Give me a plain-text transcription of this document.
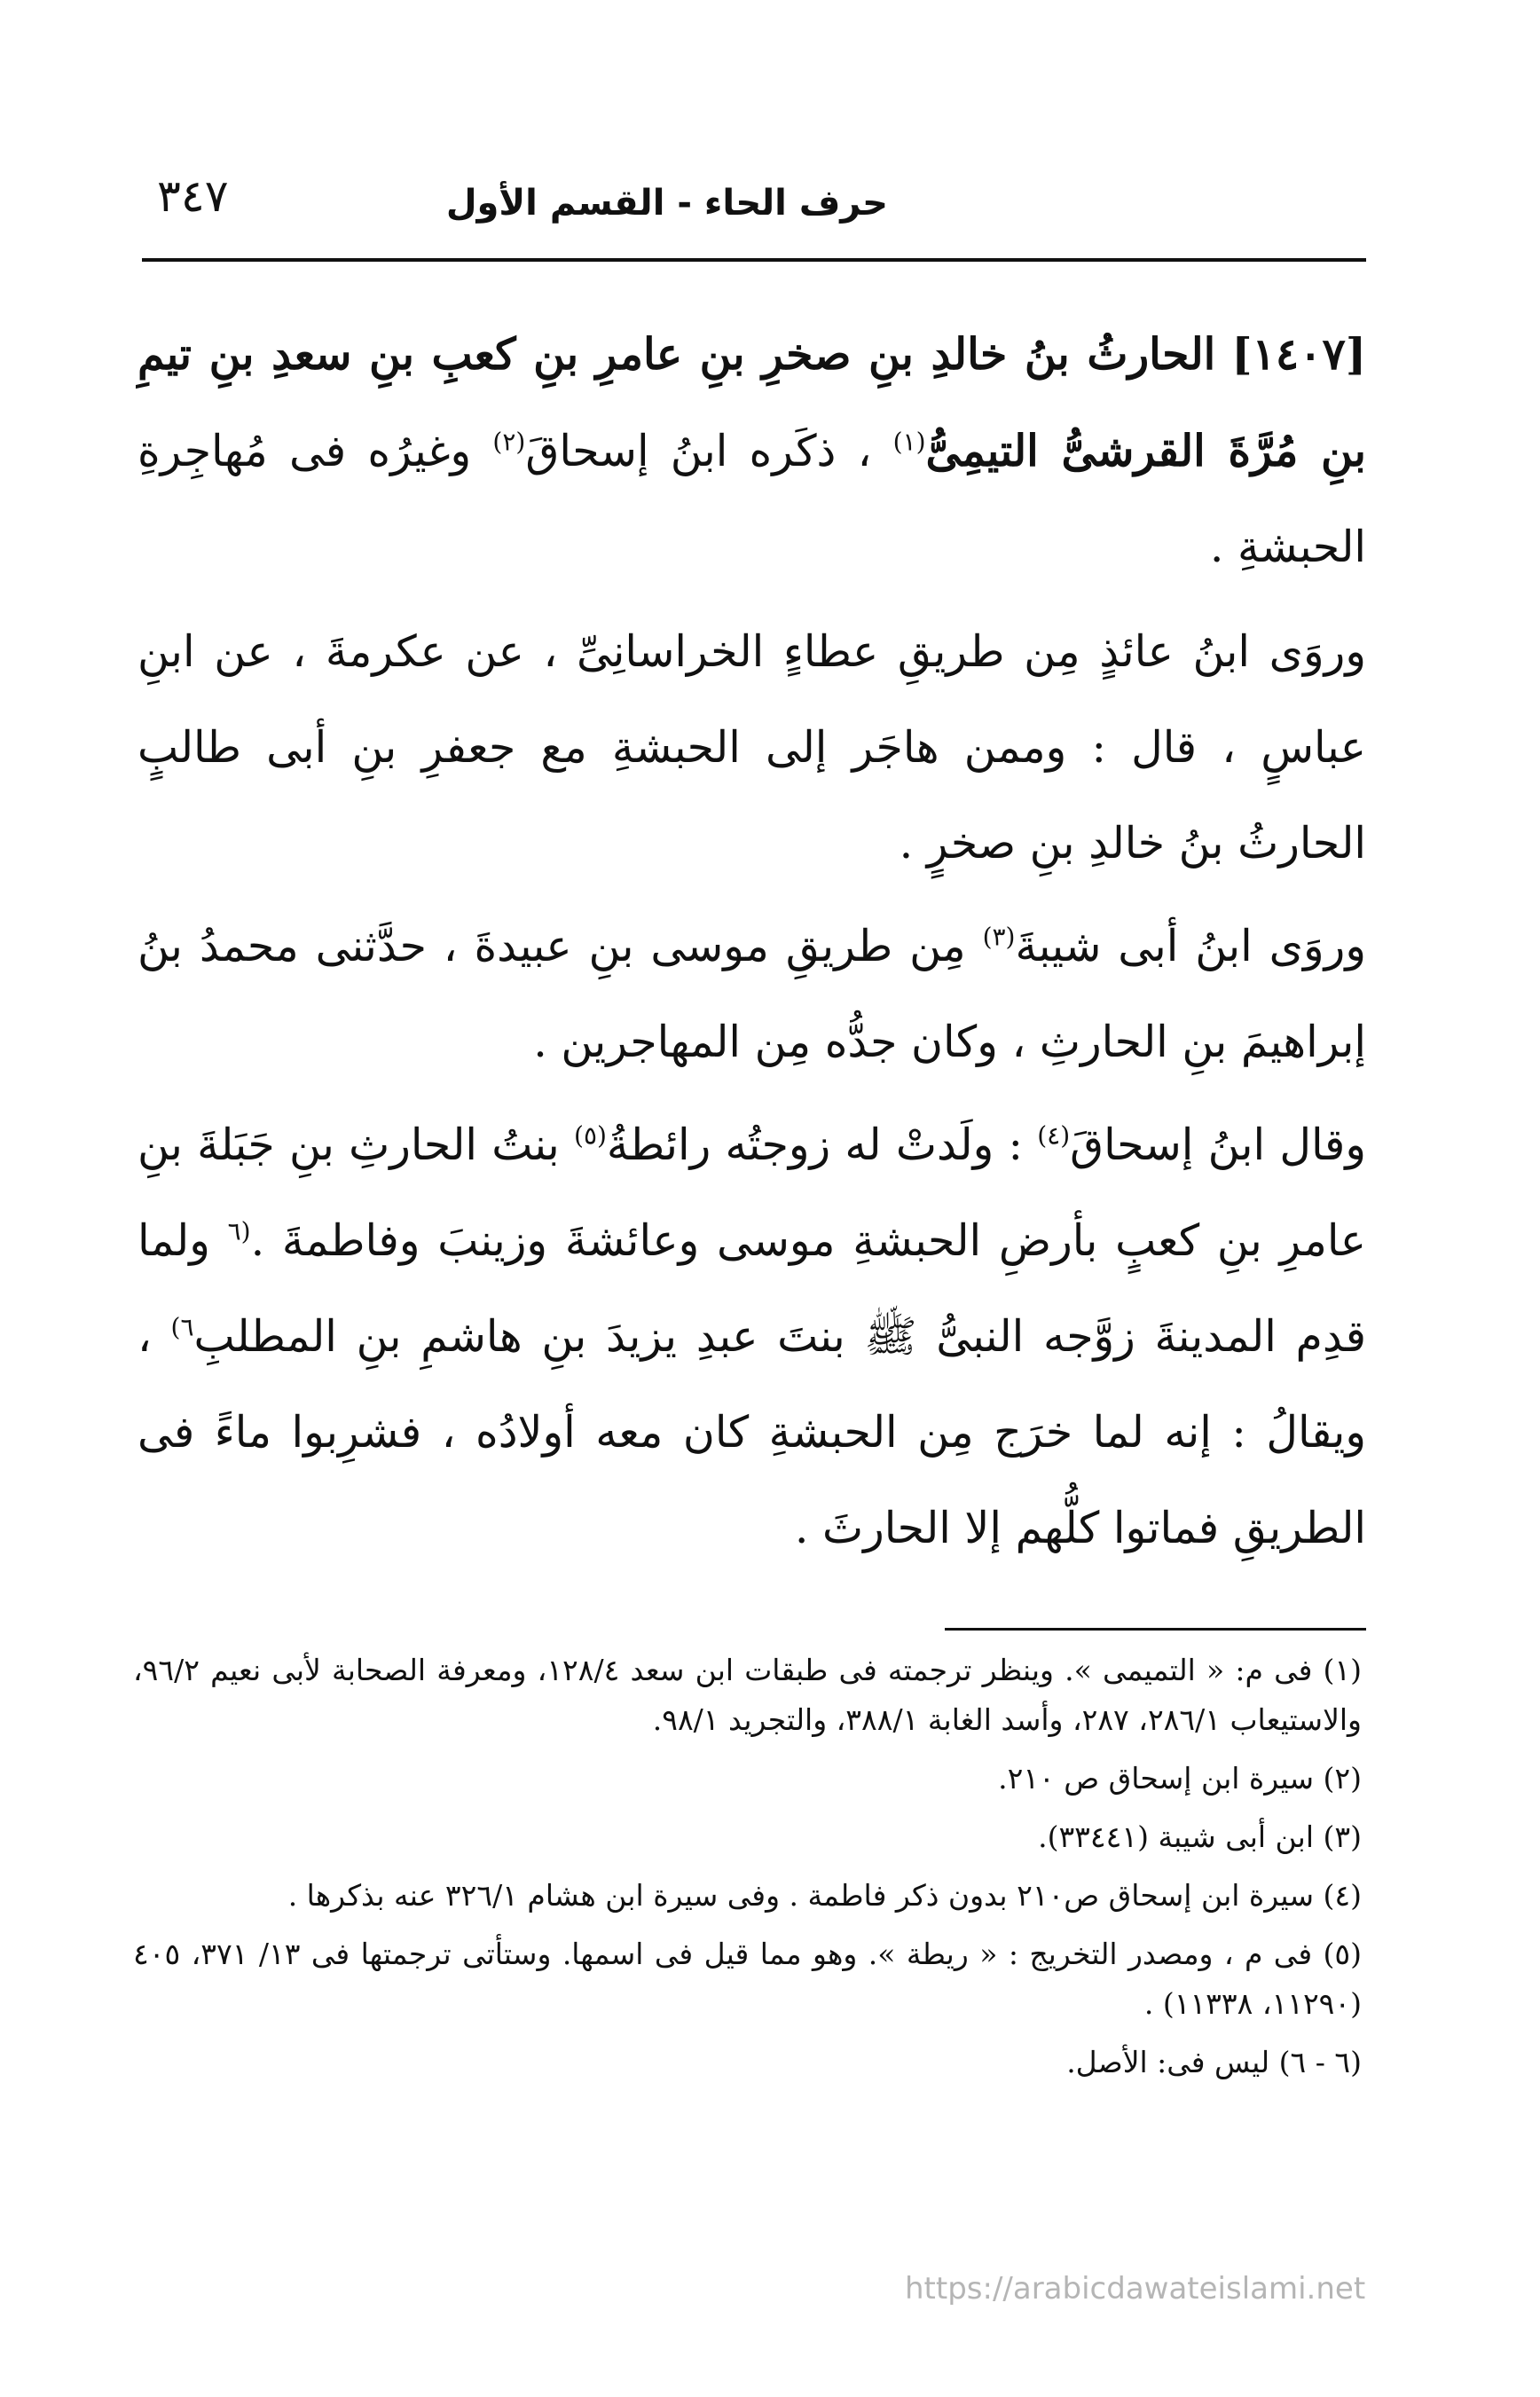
حرف الحاء - القسم الأول
٣٤٧

[١٤٠٧] الحارثُ بنُ خالدِ بنِ صخرِ بنِ عامرِ بنِ كعبِ بنِ سعدِ بنِ تيمِ بنِ مُرَّةَ القرشىُّ التيمِىُّ$^{(١)}$ ، ذكَره ابنُ إسحاقَ$^{(٢)}$ وغيرُه فى مُهاجِرةِ الحبشةِ .

وروَى ابنُ عائذٍ مِن طريقِ عطاءٍ الخراسانِىِّ ، عن عكرمةَ ، عن ابنِ عباسٍ ، قال : وممن هاجَر إلى الحبشةِ مع جعفرِ بنِ أبى طالبٍ الحارثُ بنُ خالدِ بنِ صخرٍ .

وروَى ابنُ أبى شيبةَ$^{(٣)}$ مِن طريقِ موسى بنِ عبيدةَ ، حدَّثنى محمدُ بنُ إبراهيمَ بنِ الحارثِ ، وكان جدُّه مِن المهاجرين .

وقال ابنُ إسحاقَ$^{(٤)}$ : ولَدتْ له زوجتُه رائطةُ$^{(٥)}$ بنتُ الحارثِ بنِ جَبَلةَ بنِ عامرِ بنِ كعبٍ بأرضِ الحبشةِ موسى وعائشةَ وزينبَ وفاطمةَ .$^{(٦}$ ولما قدِم المدينةَ زوَّجه النبىُّ ﷺ بنتَ عبدِ يزيدَ بنِ هاشمِ بنِ المطلبِ$^{٦)}$ ، ويقالُ : إنه لما خرَج مِن الحبشةِ كان معه أولادُه ، فشرِبوا ماءً فى الطريقِ فماتوا كلُّهم إلا الحارثَ .

(١) فى م: « التميمى ». وينظر ترجمته فى طبقات ابن سعد ١٢٨/٤، ومعرفة الصحابة لأبى نعيم ٩٦/٢، والاستيعاب ٢٨٦/١، ٢٨٧، وأسد الغابة ٣٨٨/١، والتجريد ٩٨/١.
(٢) سيرة ابن إسحاق ص ٢١٠.
(٣) ابن أبى شيبة (٣٣٤٤١).
(٤) سيرة ابن إسحاق ص٢١٠ بدون ذكر فاطمة . وفى سيرة ابن هشام ٣٢٦/١ عنه بذكرها .
(٥) فى م ، ومصدر التخريج : « ريطة ». وهو مما قيل فى اسمها. وستأتى ترجمتها فى ١٣/ ٣٧١، ٤٠٥ (١١٢٩٠، ١١٣٣٨) .
(٦ - ٦) ليس فى: الأصل.
https://arabicdawateislami.net
